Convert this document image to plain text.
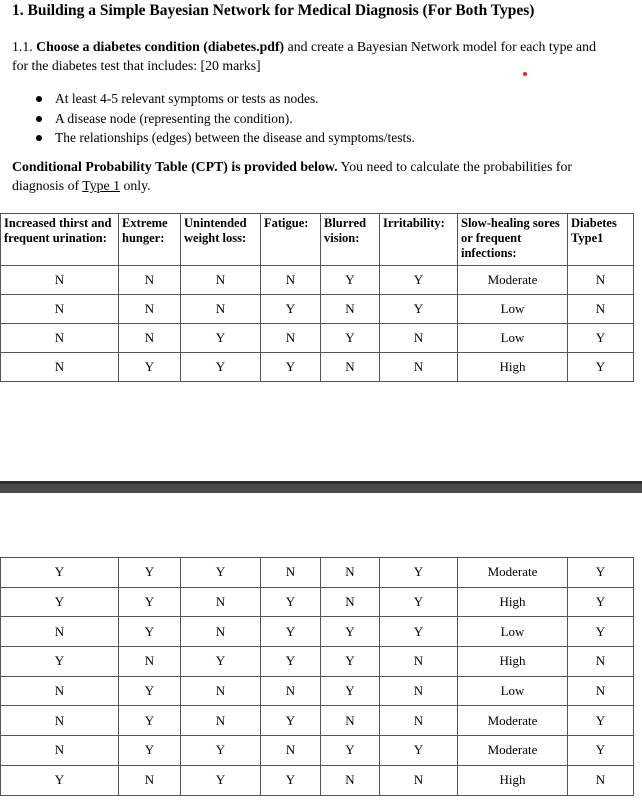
1. Building a Simple Bayesian Network for Medical Diagnosis (For Both Types)
1.1. Choose a diabetes condition (diabetes.pdf) and create a Bayesian Network model for each type and for the diabetes test that includes: [20 marks]
At least 4-5 relevant symptoms or tests as nodes.
A disease node (representing the condition).
The relationships (edges) between the disease and symptoms/tests.
Conditional Probability Table (CPT) is provided below. You need to calculate the probabilities for diagnosis of Type 1 only.
Increased thirst and frequent urination:	Extreme hunger:	Unintended weight loss:	Fatigue:	Blurred vision:	Irritability:	Slow-healing sores or frequent infections:	Diabetes Type1
N	N	N	N	Y	Y	Moderate	N
N	N	N	Y	N	Y	Low	N
N	N	Y	N	Y	N	Low	Y
N	Y	Y	Y	N	N	High	Y
Y	Y	Y	N	N	Y	Moderate	Y
Y	Y	N	Y	N	Y	High	Y
N	Y	N	Y	Y	Y	Low	Y
Y	N	Y	Y	Y	N	High	N
N	Y	N	N	Y	N	Low	N
N	Y	N	Y	N	N	Moderate	Y
N	Y	Y	N	Y	Y	Moderate	Y
Y	N	Y	Y	N	N	High	N
